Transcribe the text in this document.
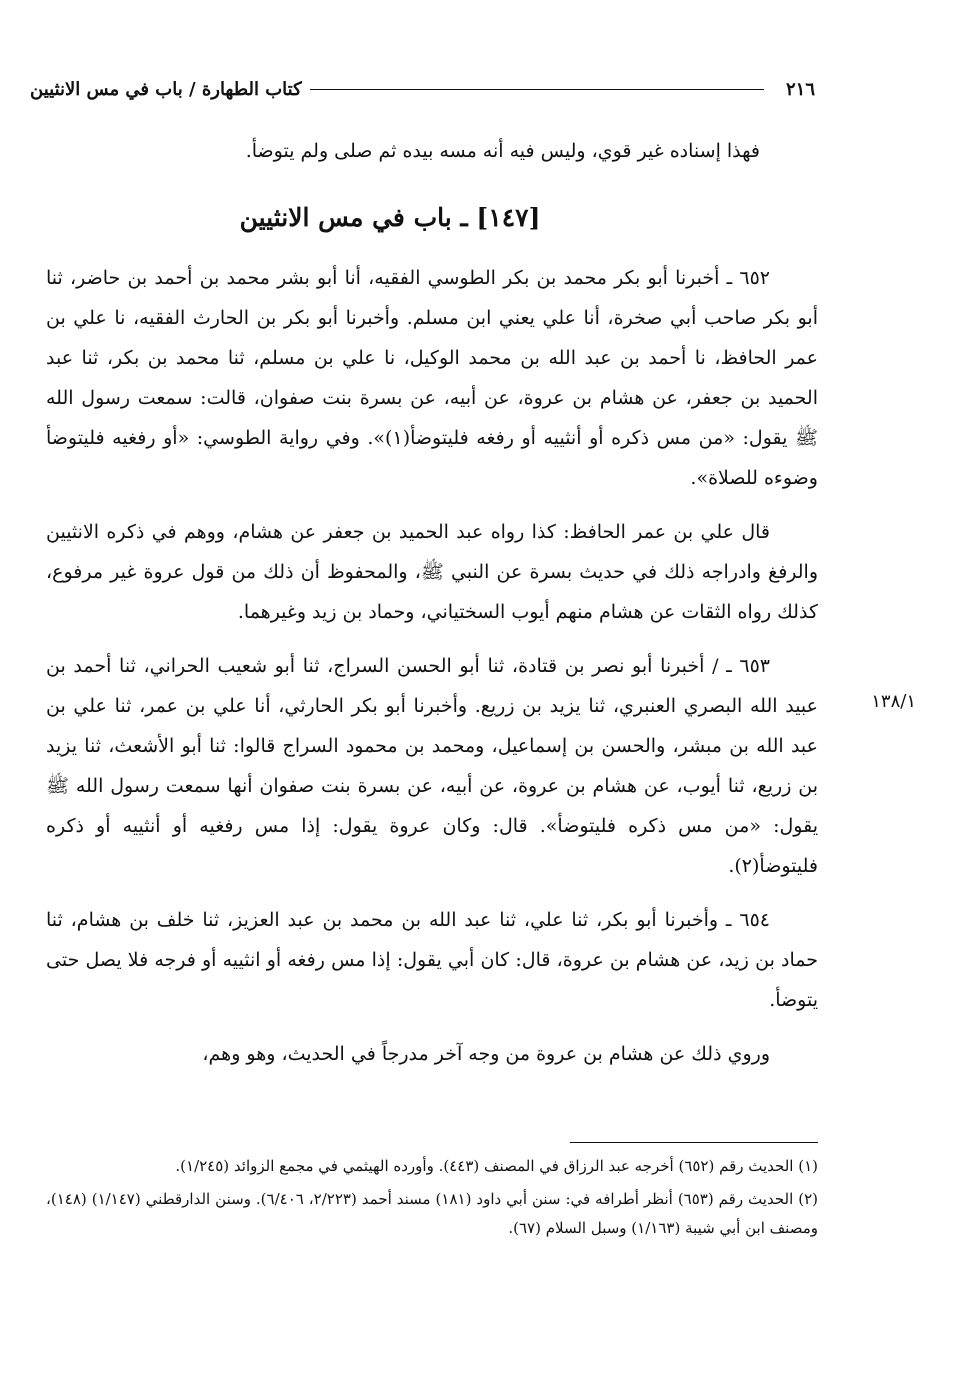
٢١٦
كتاب الطهارة / باب في مس الانثيين
فهذا إسناده غير قوي، وليس فيه أنه مسه بيده ثم صلى ولم يتوضأ.
[١٤٧] ـ باب في مس الانثيين

٦٥٢ ـ أخبرنا أبو بكر محمد بن بكر الطوسي الفقيه، أنا أبو بشر محمد بن أحمد بن حاضر، ثنا أبو بكر صاحب أبي صخرة، أنا علي يعني ابن مسلم. وأخبرنا أبو بكر بن الحارث الفقيه، نا علي بن عمر الحافظ، نا أحمد بن عبد الله بن محمد الوكيل، نا علي بن مسلم، ثنا محمد بن بكر، ثنا عبد الحميد بن جعفر، عن هشام بن عروة، عن أبيه، عن بسرة بنت صفوان، قالت: سمعت رسول الله ﷺ يقول: «من مس ذكره أو أنثييه أو رفغه فليتوضأ(١)». وفي رواية الطوسي: «أو رفغيه فليتوضأ وضوءه للصلاة».

قال علي بن عمر الحافظ: كذا رواه عبد الحميد بن جعفر عن هشام، ووهم في ذكره الانثيين والرفغ وادراجه ذلك في حديث بسرة عن النبي ﷺ، والمحفوظ أن ذلك من قول عروة غير مرفوع، كذلك رواه الثقات عن هشام منهم أيوب السختياني، وحماد بن زيد وغيرهما.

٦٥٣ ـ / أخبرنا أبو نصر بن قتادة، ثنا أبو الحسن السراج، ثنا أبو شعيب الحراني، ثنا أحمد بن عبيد الله البصري العنبري، ثنا يزيد بن زريع. وأخبرنا أبو بكر الحارثي، أنا علي بن عمر، ثنا علي بن عبد الله بن مبشر، والحسن بن إسماعيل، ومحمد بن محمود السراج قالوا: ثنا أبو الأشعث، ثنا يزيد بن زريع، ثنا أيوب، عن هشام بن عروة، عن أبيه، عن بسرة بنت صفوان أنها سمعت رسول الله ﷺ يقول: «من مس ذكره فليتوضأ». قال: وكان عروة يقول: إذا مس رفغيه أو أنثييه أو ذكره فليتوضأ(٢).

٦٥٤ ـ وأخبرنا أبو بكر، ثنا علي، ثنا عبد الله بن محمد بن عبد العزيز، ثنا خلف بن هشام، ثنا حماد بن زيد، عن هشام بن عروة، قال: كان أبي يقول: إذا مس رفغه أو انثييه أو فرجه فلا يصل حتى يتوضأ.

وروي ذلك عن هشام بن عروة من وجه آخر مدرجاً في الحديث، وهو وهم،

١٣٨/١

(١) الحديث رقم (٦٥٢) أخرجه عبد الرزاق في المصنف (٤٤٣). وأورده الهيثمي في مجمع الزوائد (١/٢٤٥).

(٢) الحديث رقم (٦٥٣) أنظر أطرافه في: سنن أبي داود (١٨١) مسند أحمد (٢/٢٢٣، ٦/٤٠٦). وسنن الدارقطني (١/١٤٧) (١٤٨)، ومصنف ابن أبي شيبة (١/١٦٣) وسبل السلام (٦٧).
